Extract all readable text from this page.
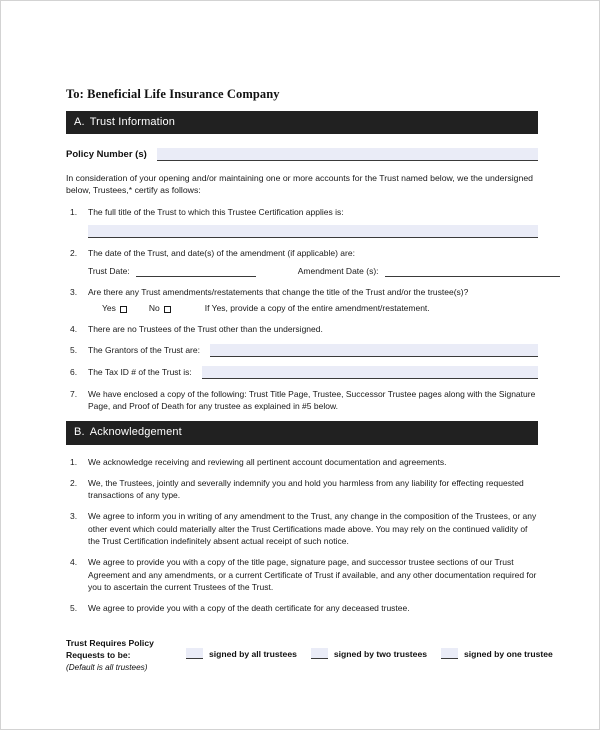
To: Beneficial Life Insurance Company
A. Trust Information
Policy Number (s)
In consideration of your opening and/or maintaining one or more accounts for the Trust named below, we the undersigned below, Trustees,* certify as follows:
1.	The full title of the Trust to which this Trustee Certification applies is:
2.	The date of the Trust, and date(s) of the amendment (if applicable) are:
Trust Date:	Amendment Date (s):
3.	Are there any Trust amendments/restatements that change the title of the Trust and/or the trustee(s)?
Yes	No	If Yes, provide a copy of the entire amendment/restatement.
4.	There are no Trustees of the Trust other than the undersigned.
5.	The Grantors of the Trust are:
6.	The Tax ID # of the Trust is:
7.	We have enclosed a copy of the following: Trust Title Page, Trustee, Successor Trustee pages along with the Signature Page, and Proof of Death for any trustee as explained in #5 below.
B. Acknowledgement
1.	We acknowledge receiving and reviewing all pertinent account documentation and agreements.
2.	We, the Trustees, jointly and severally indemnify you and hold you harmless from any liability for effecting requested transactions of any type.
3.	We agree to inform you in writing of any amendment to the Trust, any change in the composition of the Trustees, or any other event which could materially alter the Trust Certifications made above. You may rely on the continued validity of the Trust Certification indefinitely absent actual receipt of such notice.
4.	We agree to provide you with a copy of the title page, signature page, and successor trustee sections of our Trust Agreement and any amendments, or a current Certificate of Trust if available, and any other documentation required for you to ascertain the current Trustees of the Trust.
5.	We agree to provide you with a copy of the death certificate for any deceased trustee.
Trust Requires Policy
Requests to be:
(Default is all trustees)
signed by all trustees	signed by two trustees	signed by one trustee
